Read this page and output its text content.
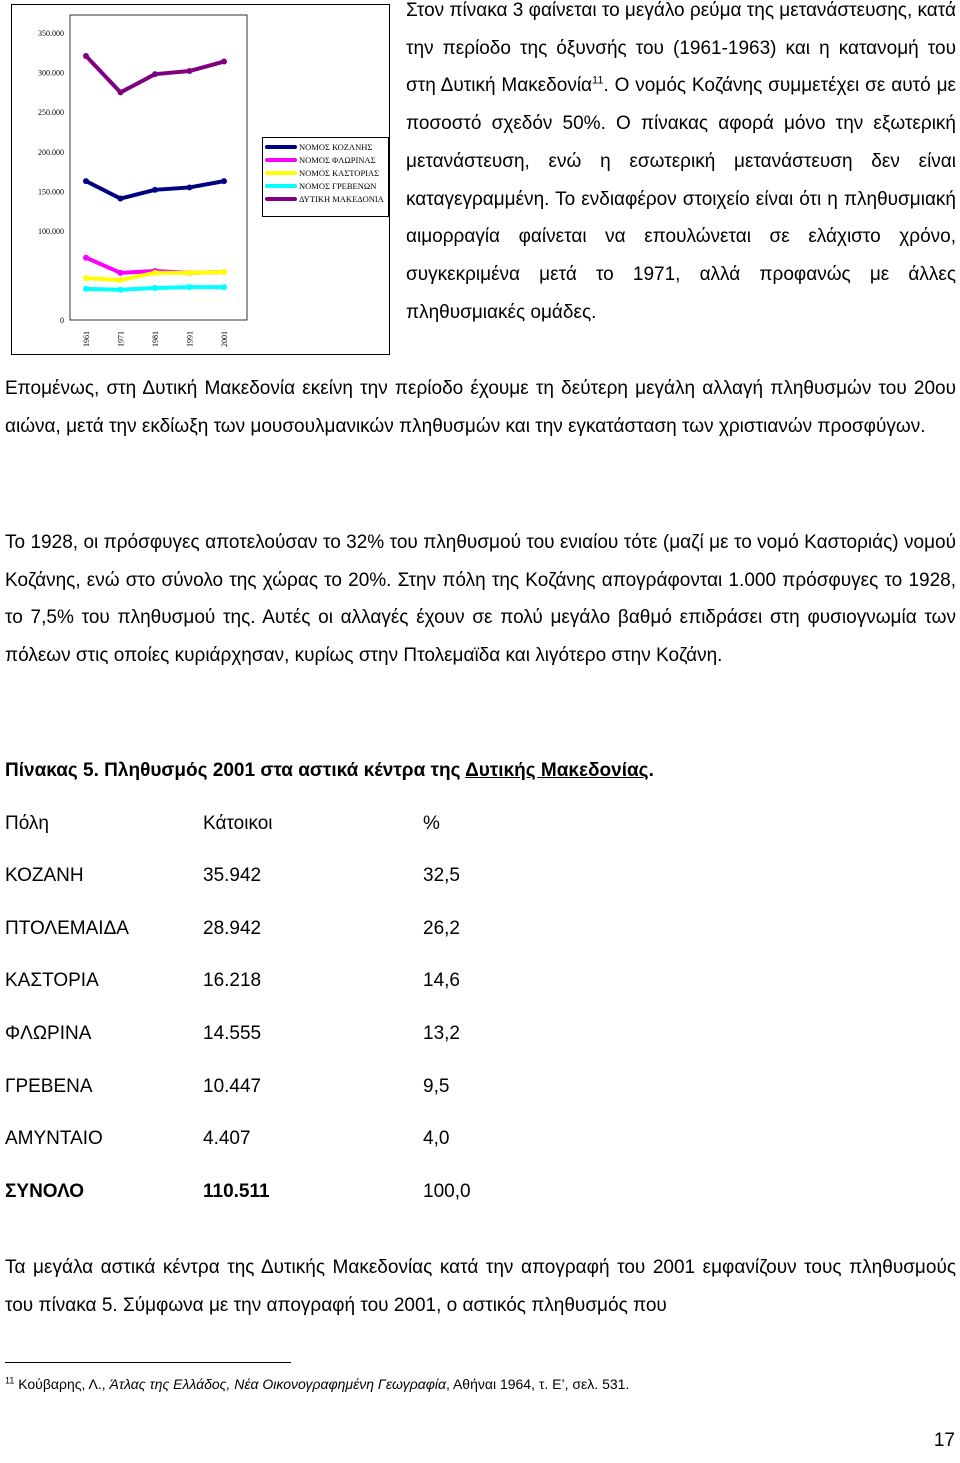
0
100.000
150.000
200.000
250.000
300.000
350.000
1961	1971	1981	1991	2001
ΝΟΜΟΣ ΚΟΖΑΝΗΣ
ΝΟΜΟΣ ΦΛΩΡΙΝΑΣ
ΝΟΜΟΣ ΚΑΣΤΟΡΙΑΣ
ΝΟΜΟΣ ΓΡΕΒΕΝΩΝ
ΔΥΤΙΚΗ ΜΑΚΕΔΟΝΙΑ
Στον πίνακα 3 φαίνεται το μεγάλο ρεύμα της μετανάστευσης, κατά την περίοδο της όξυνσής του (1961-1963) και η κατανομή του στη Δυτική Μακεδονία$^{11}$. Ο νομός Κοζάνης συμμετέχει σε αυτό με ποσοστό σχεδόν 50%. Ο πίνακας αφορά μόνο την εξωτερική μετανάστευση, ενώ η εσωτερική μετανάστευση δεν είναι καταγεγραμμένη. Το ενδιαφέρον στοιχείο είναι ότι η πληθυσμιακή αιμορραγία φαίνεται να επουλώνεται σε ελάχιστο χρόνο, συγκεκριμένα μετά το 1971, αλλά προφανώς με άλλες πληθυσμιακές ομάδες.
Επομένως, στη Δυτική Μακεδονία εκείνη την περίοδο έχουμε τη δεύτερη μεγάλη αλλαγή πληθυσμών του 20ου αιώνα, μετά την εκδίωξη των μουσουλμανικών πληθυσμών και την εγκατάσταση των χριστιανών προσφύγων.
Το 1928, οι πρόσφυγες αποτελούσαν το 32% του πληθυσμού του ενιαίου τότε (μαζί με το νομό Καστοριάς) νομού Κοζάνης, ενώ στο σύνολο της χώρας το 20%. Στην πόλη της Κοζάνης απογράφονται 1.000 πρόσφυγες το 1928, το 7,5% του πληθυσμού της. Αυτές οι αλλαγές έχουν σε πολύ μεγάλο βαθμό επιδράσει στη φυσιογνωμία των πόλεων στις οποίες κυριάρχησαν, κυρίως στην Πτολεμαϊδα και λιγότερο στην Κοζάνη.
Πίνακας 5. Πληθυσμός 2001 στα αστικά κέντρα της Δυτικής Μακεδονίας.
Πόλη	Κάτοικοι	%
ΚΟΖΑΝΗ	35.942	32,5
ΠΤΟΛΕΜΑΙΔΑ	28.942	26,2
ΚΑΣΤΟΡΙΑ	16.218	14,6
ΦΛΩΡΙΝΑ	14.555	13,2
ΓΡΕΒΕΝΑ	10.447	9,5
ΑΜΥΝΤΑΙΟ	4.407	4,0
ΣΥΝΟΛΟ	110.511	100,0
Τα μεγάλα αστικά κέντρα της Δυτικής Μακεδονίας κατά την απογραφή του 2001 εμφανίζουν τους πληθυσμούς του πίνακα 5. Σύμφωνα με την απογραφή του 2001, ο αστικός πληθυσμός που
$^{11}$ Κούβαρης, Λ., Άτλας της Ελλάδος, Νέα Οικονογραφημένη Γεωγραφία, Αθήναι 1964, τ. Ε’, σελ. 531.
17
